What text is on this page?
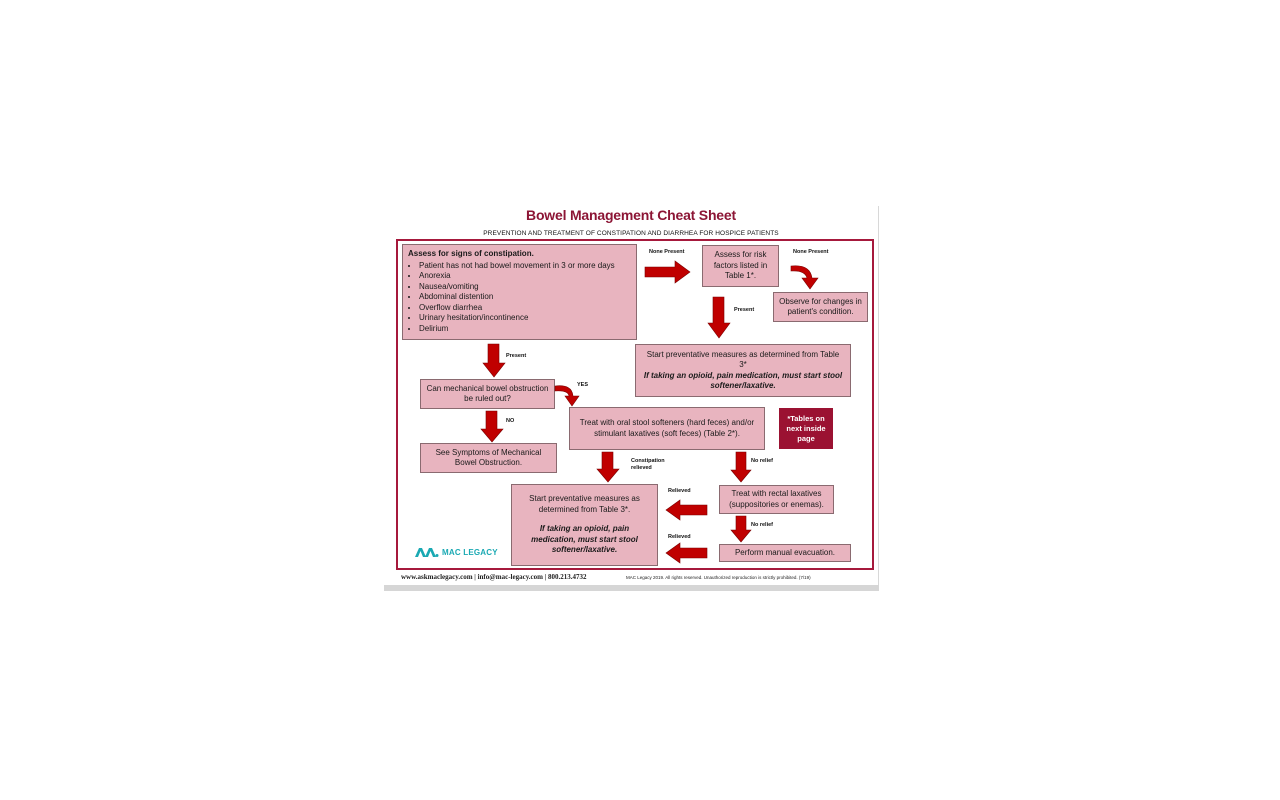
Bowel Management Cheat Sheet
PREVENTION AND TREATMENT OF CONSTIPATION AND DIARRHEA FOR HOSPICE PATIENTS
Assess for signs of constipation.
• Patient has not had bowel movement in 3 or more days
• Anorexia
• Nausea/vomiting
• Abdominal distention
• Overflow diarrhea
• Urinary hesitation/incontinence
• Delirium
Assess for risk factors listed in Table 1*.
Observe for changes in patient's condition.
Start preventative measures as determined from Table 3*
If taking an opioid, pain medication, must start stool softener/laxative.
Can mechanical bowel obstruction be ruled out?
Treat with oral stool softeners (hard feces) and/or stimulant laxatives (soft feces) (Table 2*).
*Tables on next inside page
See Symptoms of Mechanical Bowel Obstruction.
Start preventative measures as determined from Table 3*.
If taking an opioid, pain medication, must start stool softener/laxative.
Treat with rectal laxatives (suppositories or enemas).
Perform manual evacuation.
None Present	None Present
Present
Present
YES
NO
Constipation relieved
No relief
No relief
Relieved
Relieved
MAC LEGACY
www.askmaclegacy.com | info@mac-legacy.com | 800.213.4732	MAC Legacy 2019. All rights reserved. Unauthorized reproduction is strictly prohibited. (7/19)
